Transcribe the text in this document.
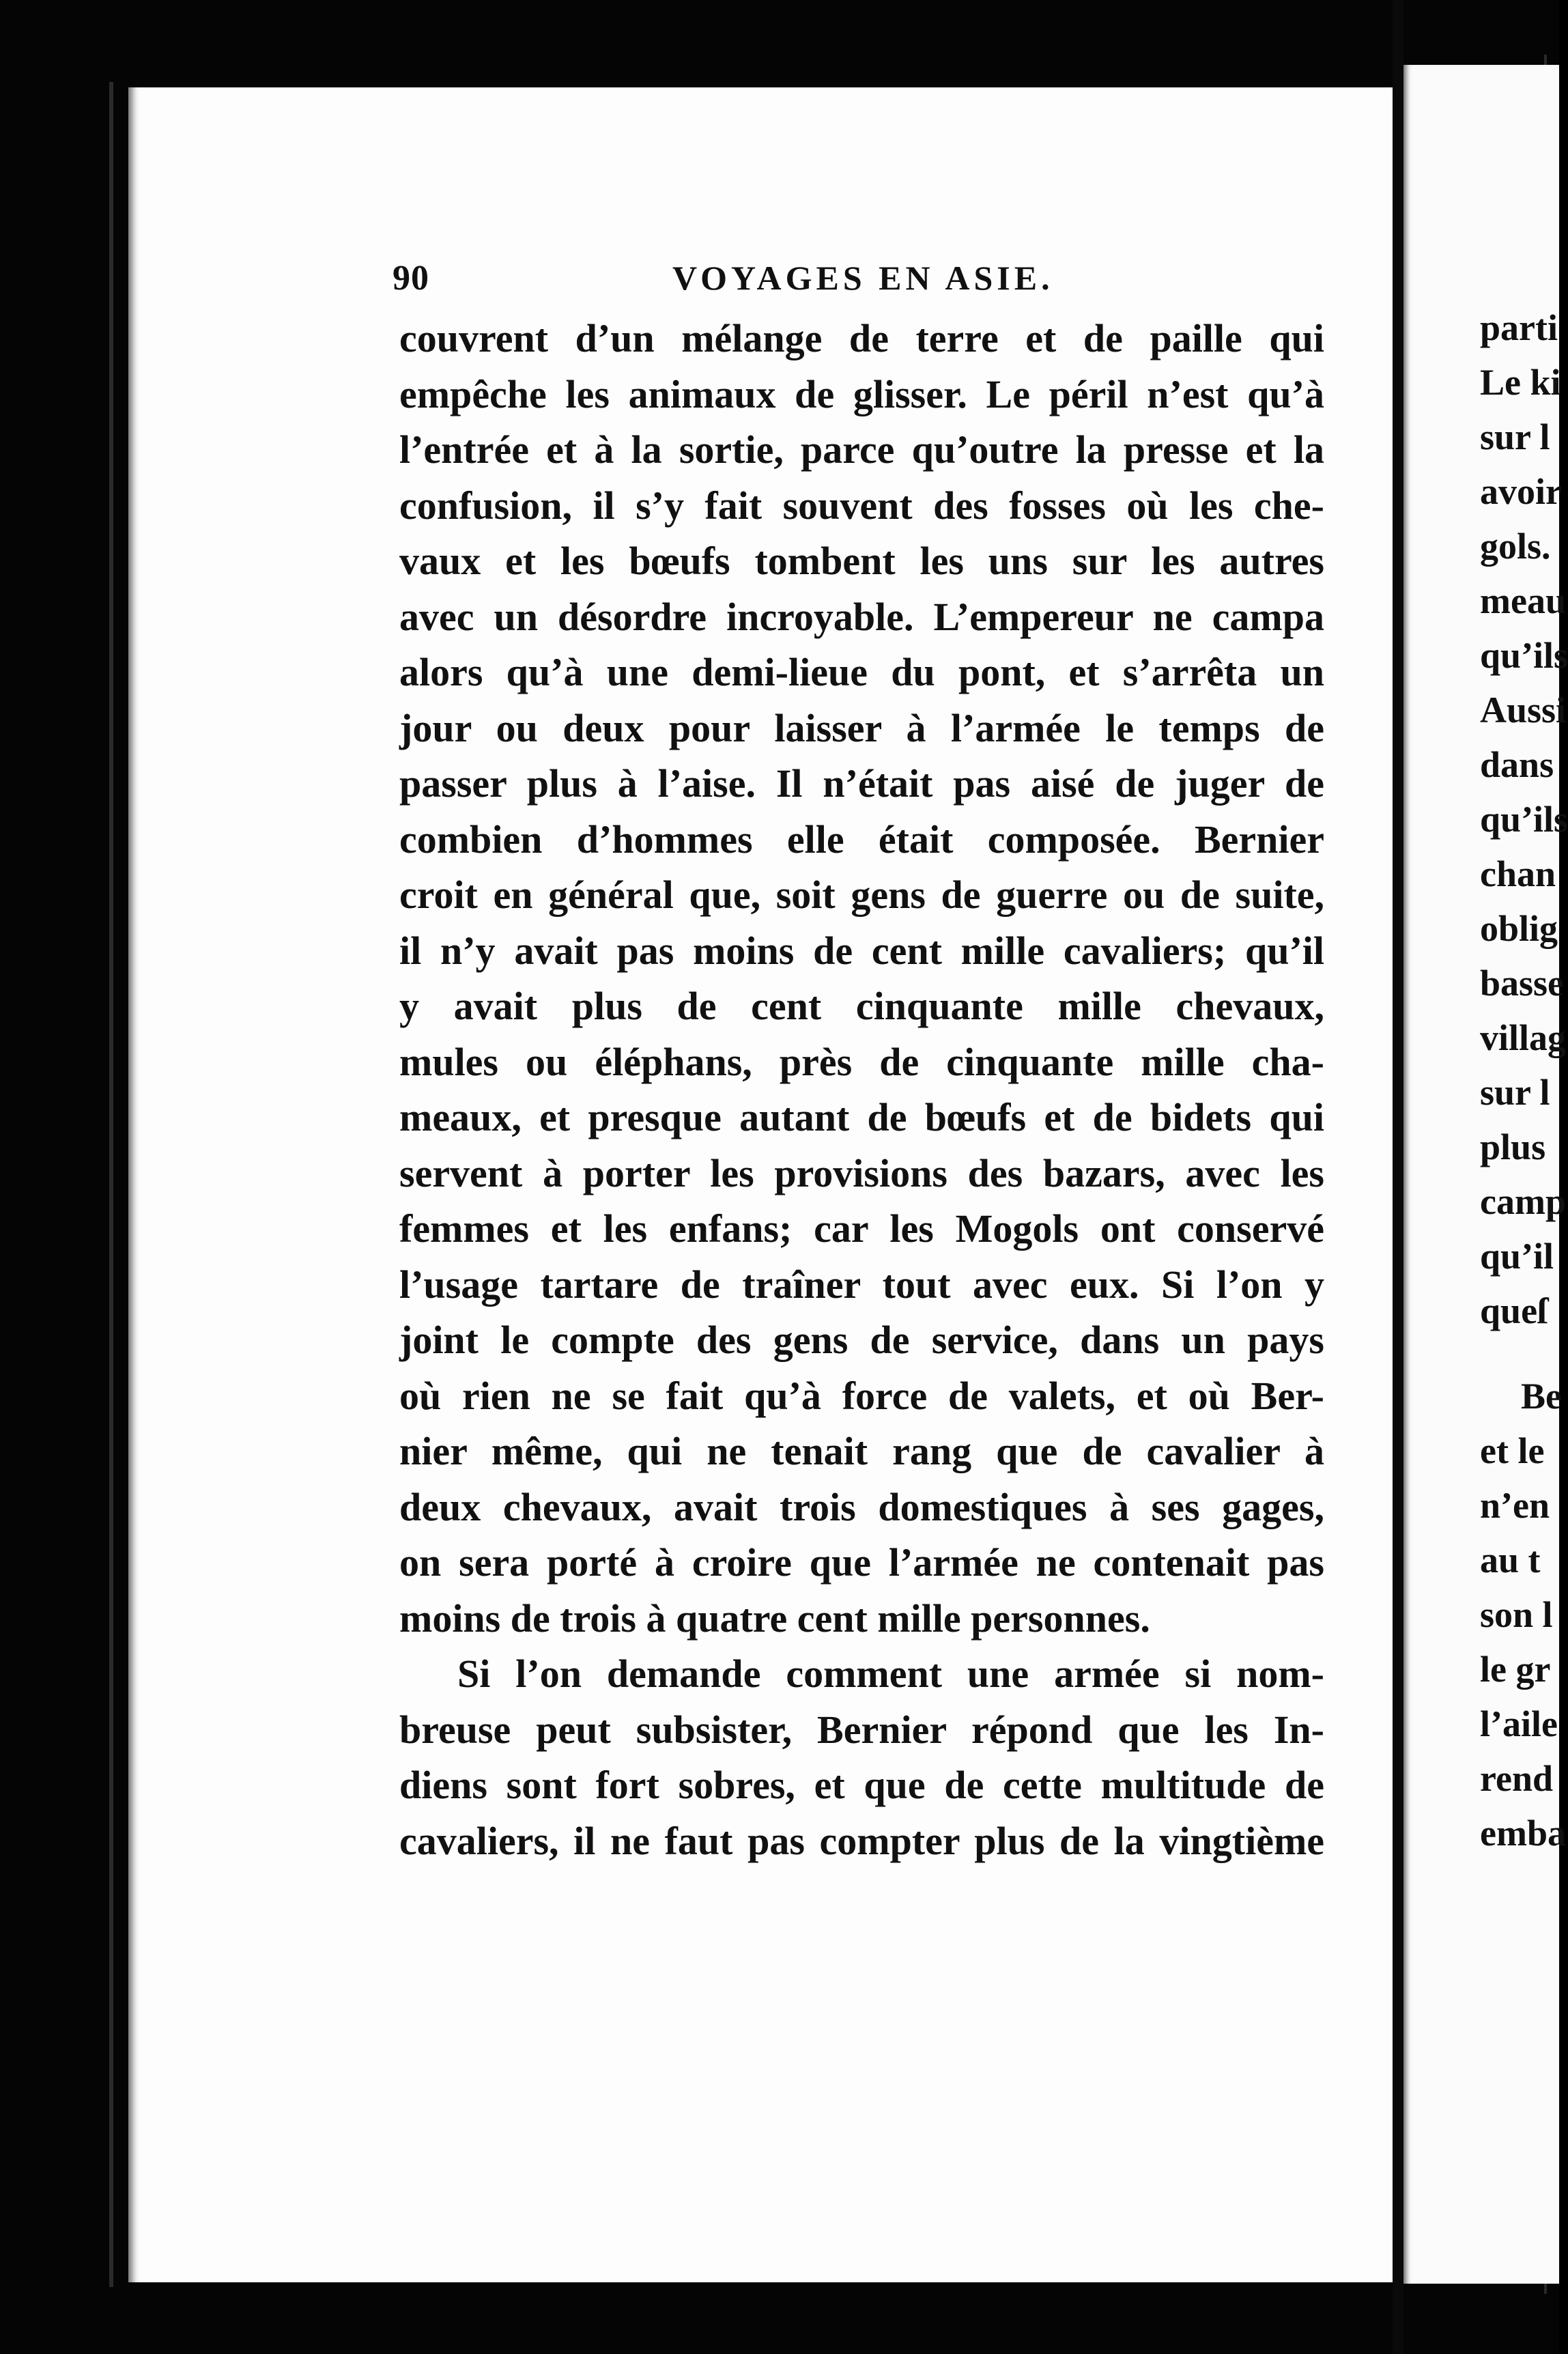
parti
Le ki
sur l
avoir
gols.
meau
qu’ils
Aussi
dans
qu’ils
chan
oblig
basse
villag
sur l
plus
camp
qu’il
queſ
Be
et le
n’en
au t
son l
le gr
l’aile
rend
emba
90	VOYAGES EN ASIE.
couvrent d’un mélange de terre et de paille qui
empêche les animaux de glisser. Le péril n’est qu’à
l’entrée et à la sortie, parce qu’outre la presse et la
confusion, il s’y fait souvent des fosses où les che-
vaux et les bœufs tombent les uns sur les autres
avec un désordre incroyable. L’empereur ne campa
alors qu’à une demi-lieue du pont, et s’arrêta un
jour ou deux pour laisser à l’armée le temps de
passer plus à l’aise. Il n’était pas aisé de juger de
combien d’hommes elle était composée. Bernier
croit en général que, soit gens de guerre ou de suite,
il n’y avait pas moins de cent mille cavaliers; qu’il
y avait plus de cent cinquante mille chevaux,
mules ou éléphans, près de cinquante mille cha-
meaux, et presque autant de bœufs et de bidets qui
servent à porter les provisions des bazars, avec les
femmes et les enfans; car les Mogols ont conservé
l’usage tartare de traîner tout avec eux. Si l’on y
joint le compte des gens de service, dans un pays
où rien ne se fait qu’à force de valets, et où Ber-
nier même, qui ne tenait rang que de cavalier à
deux chevaux, avait trois domestiques à ses gages,
on sera porté à croire que l’armée ne contenait pas
moins de trois à quatre cent mille personnes.
Si l’on demande comment une armée si nom-
breuse peut subsister, Bernier répond que les In-
diens sont fort sobres, et que de cette multitude de
cavaliers, il ne faut pas compter plus de la vingtième
